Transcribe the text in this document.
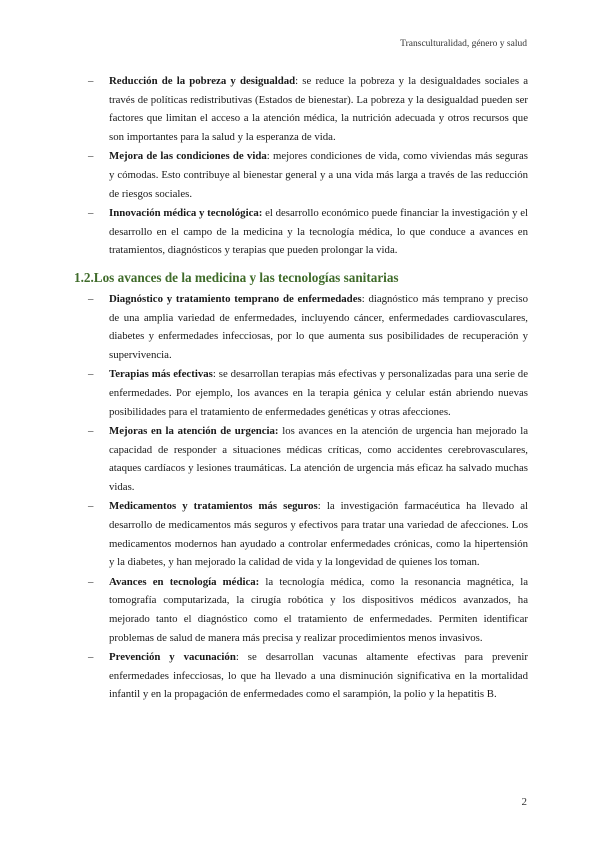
Transculturalidad, género y salud
– Reducción de la pobreza y desigualdad: se reduce la pobreza y la desigualdades sociales a través de políticas redistributivas (Estados de bienestar). La pobreza y la desigualdad pueden ser factores que limitan el acceso a la atención médica, la nutrición adecuada y otros recursos que son importantes para la salud y la esperanza de vida.
– Mejora de las condiciones de vida: mejores condiciones de vida, como viviendas más seguras y cómodas. Esto contribuye al bienestar general y a una vida más larga a través de las reducción de riesgos sociales.
– Innovación médica y tecnológica: el desarrollo económico puede financiar la investigación y el desarrollo en el campo de la medicina y la tecnología médica, lo que conduce a avances en tratamientos, diagnósticos y terapias que pueden prolongar la vida.
1.2.Los avances de la medicina y las tecnologías sanitarias
– Diagnóstico y tratamiento temprano de enfermedades: diagnóstico más temprano y preciso de una amplia variedad de enfermedades, incluyendo cáncer, enfermedades cardiovasculares, diabetes y enfermedades infecciosas, por lo que aumenta sus posibilidades de recuperación y supervivencia.
– Terapias más efectivas: se desarrollan terapias más efectivas y personalizadas para una serie de enfermedades. Por ejemplo, los avances en la terapia génica y celular están abriendo nuevas posibilidades para el tratamiento de enfermedades genéticas y otras afecciones.
– Mejoras en la atención de urgencia: los avances en la atención de urgencia han mejorado la capacidad de responder a situaciones médicas críticas, como accidentes cerebrovasculares, ataques cardíacos y lesiones traumáticas. La atención de urgencia más eficaz ha salvado muchas vidas.
– Medicamentos y tratamientos más seguros: la investigación farmacéutica ha llevado al desarrollo de medicamentos más seguros y efectivos para tratar una variedad de afecciones. Los medicamentos modernos han ayudado a controlar enfermedades crónicas, como la hipertensión y la diabetes, y han mejorado la calidad de vida y la longevidad de quienes los toman.
– Avances en tecnología médica: la tecnología médica, como la resonancia magnética, la tomografía computarizada, la cirugía robótica y los dispositivos médicos avanzados, ha mejorado tanto el diagnóstico como el tratamiento de enfermedades. Permiten identificar problemas de salud de manera más precisa y realizar procedimientos menos invasivos.
– Prevención y vacunación: se desarrollan vacunas altamente efectivas para prevenir enfermedades infecciosas, lo que ha llevado a una disminución significativa en la mortalidad infantil y en la propagación de enfermedades como el sarampión, la polio y la hepatitis B.
2
